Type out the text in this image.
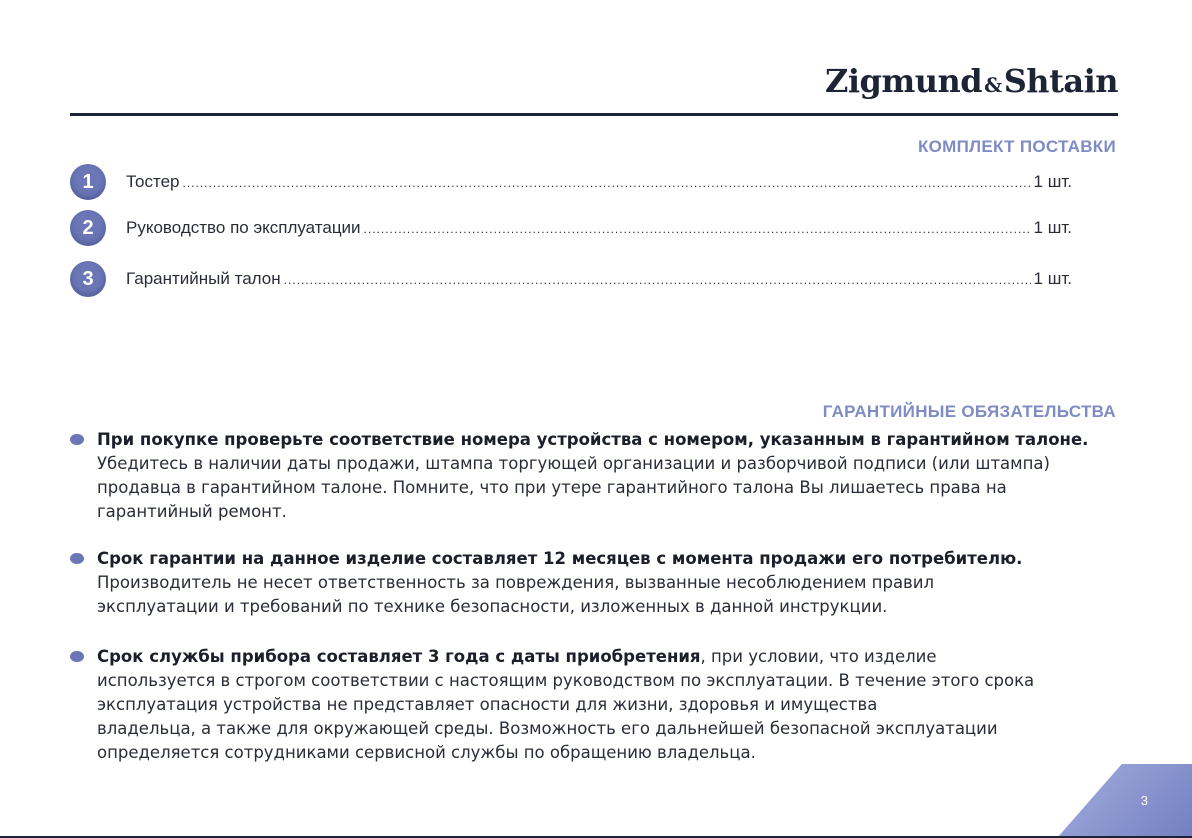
Zigmund &Shtain
КОМПЛЕКТ ПОСТАВКИ
1	Тостер .....	1 шт.
2	Руководство по эксплуатации .....	1 шт.
3	Гарантийный талон .....	1 шт.
ГАРАНТИЙНЫЕ ОБЯЗАТЕЛЬСТВА

При покупке проверьте соответствие номера устройства с номером, указанным в гарантийном талоне.

Убедитесь в наличии даты продажи, штампа торгующей организации и разборчивой подписи (или штампа)

продавца в гарантийном талоне. Помните, что при утере гарантийного талона Вы лишаетесь права на

гарантийный ремонт.

Срок гарантии на данное изделие составляет 12 месяцев с момента продажи его потребителю.

Производитель не несет ответственность за повреждения, вызванные несоблюдением правил

эксплуатации и требований по технике безопасности, изложенных в данной инструкции.

Срок службы прибора составляет 3 года с даты приобретения, при условии, что изделие

используется в строгом соответствии с настоящим руководством по эксплуатации. В течение этого срока

эксплуатация устройства не представляет опасности для жизни, здоровья и имущества

владельца, а также для окружающей среды. Возможность его дальнейшей безопасной эксплуатации

определяется сотрудниками сервисной службы по обращению владельца.

3
